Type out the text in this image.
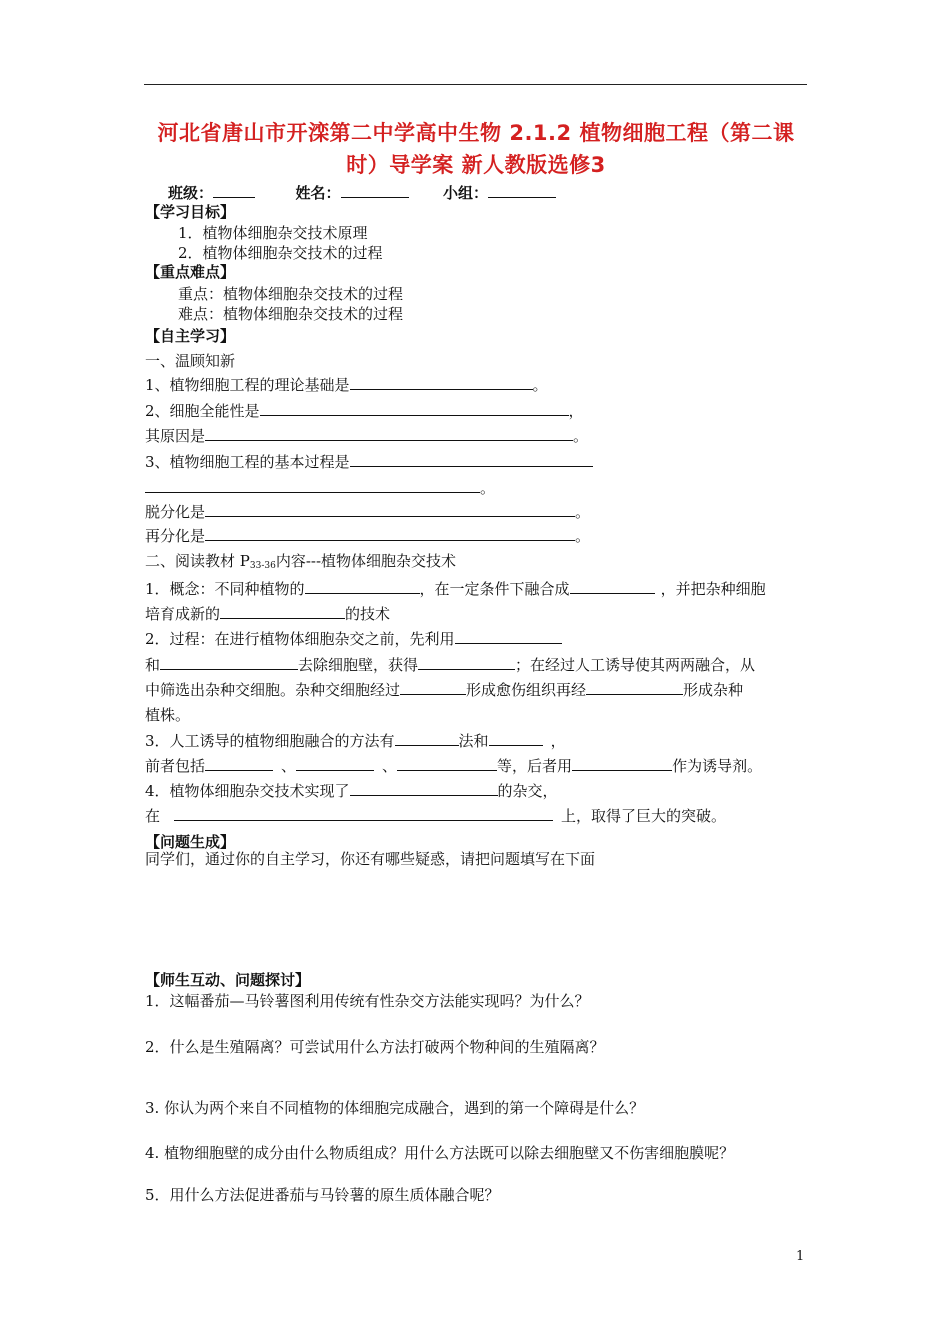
河北省唐山市开滦第二中学高中生物 2.1.2 植物细胞工程（第二课
时）导学案 新人教版选修3
班级：	姓名：	小组：
【学习目标】
1．植物体细胞杂交技术原理
2．植物体细胞杂交技术的过程
【重点难点】
重点：植物体细胞杂交技术的过程
难点：植物体细胞杂交技术的过程
【自主学习】
一、温顾知新
1、植物细胞工程的理论基础是	。
2、细胞全能性是	，
其原因是	。
3、植物细胞工程的基本过程是
。
脱分化是	。
再分化是	。
二、阅读教材 $P_{33-36}$内容---植物体细胞杂交技术
1．概念：不同种植物的	，在一定条件下融合成	，并把杂种细胞
培育成新的	的技术
2．过程：在进行植物体细胞杂交之前，先利用
和	去除细胞壁，获得	；在经过人工诱导使其两两融合，从
中筛选出杂种交细胞。杂种交细胞经过	形成愈伤组织再经	形成杂种
植株。
3．人工诱导的植物细胞融合的方法有	法和	，
前者包括	、	、	等，后者用	作为诱导剂。
4．植物体细胞杂交技术实现了	的杂交，
在	上，取得了巨大的突破。
【问题生成】
同学们，通过你的自主学习，你还有哪些疑惑，请把问题填写在下面
【师生互动、问题探讨】
1．这幅番茄—马铃薯图利用传统有性杂交方法能实现吗？为什么？
2．什么是生殖隔离？可尝试用什么方法打破两个物种间的生殖隔离？
3. 你认为两个来自不同植物的体细胞完成融合，遇到的第一个障碍是什么？
4. 植物细胞壁的成分由什么物质组成？用什么方法既可以除去细胞壁又不伤害细胞膜呢？
5．用什么方法促进番茄与马铃薯的原生质体融合呢？
1
